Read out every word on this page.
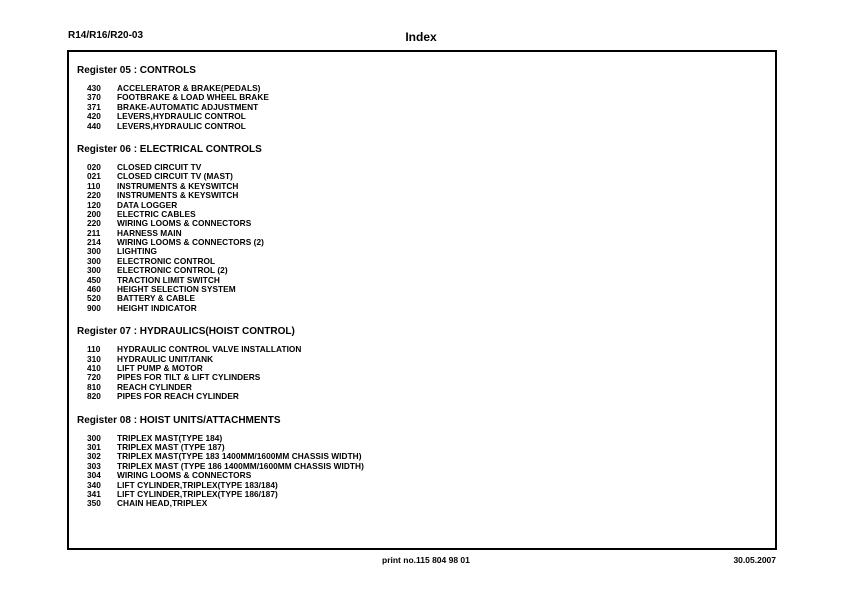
R14/R16/R20-03	Index
Register 05 : CONTROLS
430	ACCELERATOR & BRAKE(PEDALS)
370	FOOTBRAKE & LOAD WHEEL BRAKE
371	BRAKE-AUTOMATIC ADJUSTMENT
420	LEVERS,HYDRAULIC CONTROL
440	LEVERS,HYDRAULIC CONTROL
Register 06 : ELECTRICAL CONTROLS
020	CLOSED CIRCUIT TV
021	CLOSED CIRCUIT TV (MAST)
110	INSTRUMENTS & KEYSWITCH
220	INSTRUMENTS & KEYSWITCH
120	DATA LOGGER
200	ELECTRIC CABLES
220	WIRING LOOMS & CONNECTORS
211	HARNESS MAIN
214	WIRING LOOMS & CONNECTORS (2)
300	LIGHTING
300	ELECTRONIC CONTROL
300	ELECTRONIC CONTROL (2)
450	TRACTION LIMIT SWITCH
460	HEIGHT SELECTION SYSTEM
520	BATTERY & CABLE
900	HEIGHT INDICATOR
Register 07 : HYDRAULICS(HOIST CONTROL)
110	HYDRAULIC CONTROL VALVE INSTALLATION
310	HYDRAULIC UNIT/TANK
410	LIFT PUMP & MOTOR
720	PIPES FOR TILT & LIFT CYLINDERS
810	REACH CYLINDER
820	PIPES FOR REACH CYLINDER
Register 08 : HOIST UNITS/ATTACHMENTS
300	TRIPLEX MAST(TYPE 184)
301	TRIPLEX MAST (TYPE 187)
302	TRIPLEX MAST(TYPE 183 1400MM/1600MM CHASSIS WIDTH)
303	TRIPLEX MAST (TYPE 186 1400MM/1600MM CHASSIS WIDTH)
304	WIRING LOOMS & CONNECTORS
340	LIFT CYLINDER,TRIPLEX(TYPE 183/184)
341	LIFT CYLINDER,TRIPLEX(TYPE 186/187)
350	CHAIN HEAD,TRIPLEX
print no.115 804 98 01	30.05.2007
